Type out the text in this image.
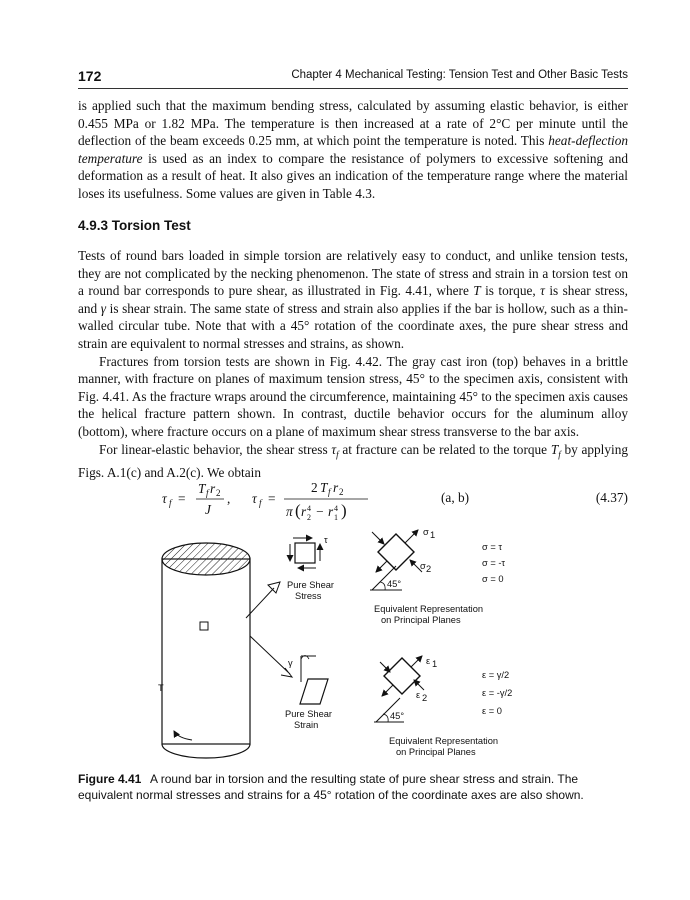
172	Chapter 4 Mechanical Testing: Tension Test and Other Basic Tests
is applied such that the maximum bending stress, calculated by assuming elastic behavior, is either 0.455 MPa or 1.82 MPa. The temperature is then increased at a rate of 2°C per minute until the deflection of the beam exceeds 0.25 mm, at which point the temperature is noted. This heat-deflection temperature is used as an index to compare the resistance of polymers to excessive softening and deformation as a result of heat. It also gives an indication of the temperature range where the material loses its usefulness. Some values are given in Table 4.3.
4.9.3 Torsion Test

Tests of round bars loaded in simple torsion are relatively easy to conduct, and unlike tension tests, they are not complicated by the necking phenomenon. The state of stress and strain in a torsion test on a round bar corresponds to pure shear, as illustrated in Fig. 4.41, where T is torque, τ is shear stress, and γ is shear strain. The same state of stress and strain also applies if the bar is hollow, such as a thin-walled circular tube. Note that with a 45° rotation of the coordinate axes, the pure shear stress and strain are equivalent to normal stresses and strains, as shown.

Fractures from torsion tests are shown in Fig. 4.42. The gray cast iron (top) behaves in a brittle manner, with fracture on planes of maximum tension stress, 45° to the specimen axis, consistent with Fig. 4.41. As the fracture wraps around the circumference, maintaining 45° to the specimen axis causes the helical fracture pattern shown. In contrast, ductile behavior occurs for the aluminum alloy (bottom), where fracture occurs on a plane of maximum shear stress transverse to the bar axis.

For linear-elastic behavior, the shear stress $\tau_f$ at fracture can be related to the torque $T_f$ by applying Figs. A.1(c) and A.2(c). We obtain

τ f =
T f r 2
J
, τ f =
2 T f r 2
π ( r 4
2 − r 4
1 )
(a, b)	(4.37)
T
τ
Pure Shear
Stress
γ
Pure Shear
Strain
σ 1
σ 2
45°
σ = τ
σ = -τ
σ = 0
Equivalent Representation
on Principal Planes
ε 1
ε 2
45°
ε = γ/2
ε = -γ/2
ε = 0
Equivalent Representation
on Principal Planes
Figure 4.41 A round bar in torsion and the resulting state of pure shear stress and strain. The equivalent normal stresses and strains for a 45° rotation of the coordinate axes are also shown.
